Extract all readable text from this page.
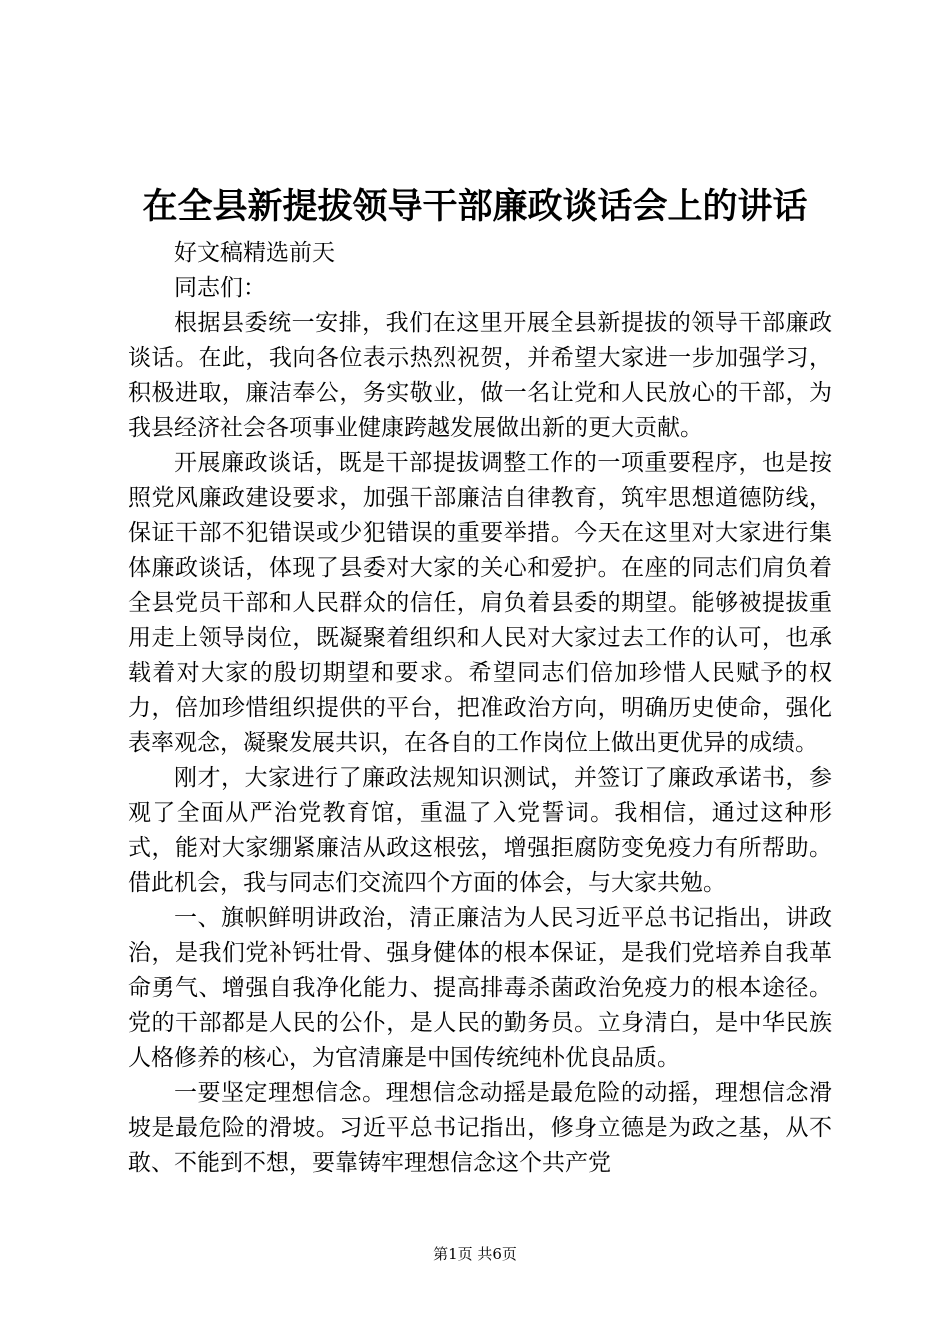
在全县新提拔领导干部廉政谈话会上的讲话

好文稿精选前天

同志们：

根据县委统一安排，我们在这里开展全县新提拔的领导干部廉政谈话。在此，我向各位表示热烈祝贺，并希望大家进一步加强学习，积极进取，廉洁奉公，务实敬业，做一名让党和人民放心的干部，为我县经济社会各项事业健康跨越发展做出新的更大贡献。

开展廉政谈话，既是干部提拔调整工作的一项重要程序，也是按照党风廉政建设要求，加强干部廉洁自律教育，筑牢思想道德防线，保证干部不犯错误或少犯错误的重要举措。今天在这里对大家进行集体廉政谈话，体现了县委对大家的关心和爱护。在座的同志们肩负着全县党员干部和人民群众的信任，肩负着县委的期望。能够被提拔重用走上领导岗位，既凝聚着组织和人民对大家过去工作的认可，也承载着对大家的殷切期望和要求。希望同志们倍加珍惜人民赋予的权力，倍加珍惜组织提供的平台，把准政治方向，明确历史使命，强化表率观念，凝聚发展共识，在各自的工作岗位上做出更优异的成绩。

刚才，大家进行了廉政法规知识测试，并签订了廉政承诺书，参观了全面从严治党教育馆，重温了入党誓词。我相信，通过这种形式，能对大家绷紧廉洁从政这根弦，增强拒腐防变免疫力有所帮助。借此机会，我与同志们交流四个方面的体会，与大家共勉。

一、旗帜鲜明讲政治，清正廉洁为人民习近平总书记指出，讲政治，是我们党补钙壮骨、强身健体的根本保证，是我们党培养自我革命勇气、增强自我净化能力、提高排毒杀菌政治免疫力的根本途径。党的干部都是人民的公仆，是人民的勤务员。立身清白，是中华民族人格修养的核心，为官清廉是中国传统纯朴优良品质。

一要坚定理想信念。理想信念动摇是最危险的动摇，理想信念滑坡是最危险的滑坡。习近平总书记指出，修身立德是为政之基，从不敢、不能到不想，要靠铸牢理想信念这个共产党

第1页 共6页
